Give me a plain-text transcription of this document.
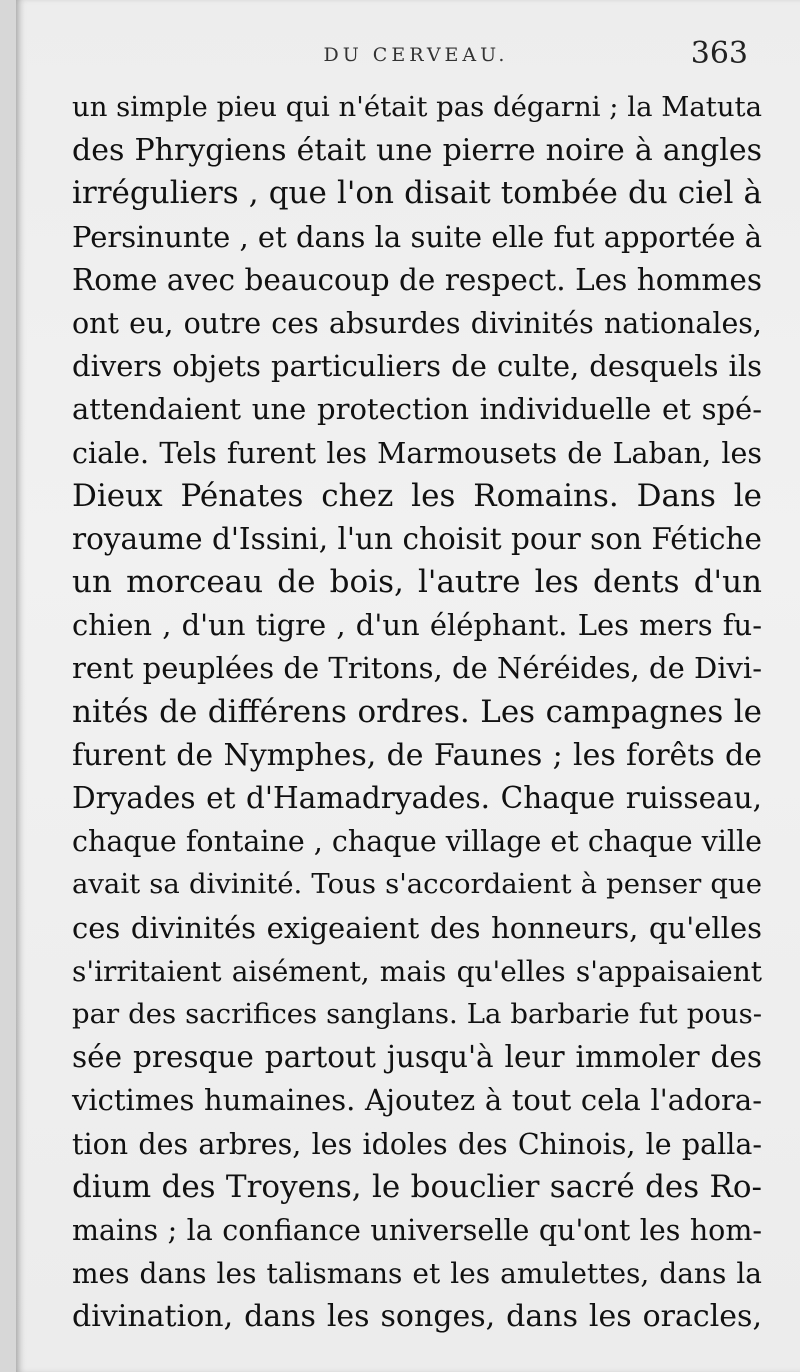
DU CERVEAU.	363
un simple pieu qui n'était pas dégarni ; la Matuta
des Phrygiens était une pierre noire à angles
irréguliers , que l'on disait tombée du ciel à
Persinunte , et dans la suite elle fut apportée à
Rome avec beaucoup de respect. Les hommes
ont eu, outre ces absurdes divinités nationales,
divers objets particuliers de culte, desquels ils
attendaient une protection individuelle et spé-
ciale. Tels furent les Marmousets de Laban, les
Dieux Pénates chez les Romains. Dans le
royaume d'Issini, l'un choisit pour son Fétiche
un morceau de bois, l'autre les dents d'un
chien , d'un tigre , d'un éléphant. Les mers fu-
rent peuplées de Tritons, de Néréides, de Divi-
nités de différens ordres. Les campagnes le
furent de Nymphes, de Faunes ; les forêts de
Dryades et d'Hamadryades. Chaque ruisseau,
chaque fontaine , chaque village et chaque ville
avait sa divinité. Tous s'accordaient à penser que
ces divinités exigeaient des honneurs, qu'elles
s'irritaient aisément, mais qu'elles s'appaisaient
par des sacrifices sanglans. La barbarie fut pous-
sée presque partout jusqu'à leur immoler des
victimes humaines. Ajoutez à tout cela l'adora-
tion des arbres, les idoles des Chinois, le palla-
dium des Troyens, le bouclier sacré des Ro-
mains ; la confiance universelle qu'ont les hom-
mes dans les talismans et les amulettes, dans la
divination, dans les songes, dans les oracles,
